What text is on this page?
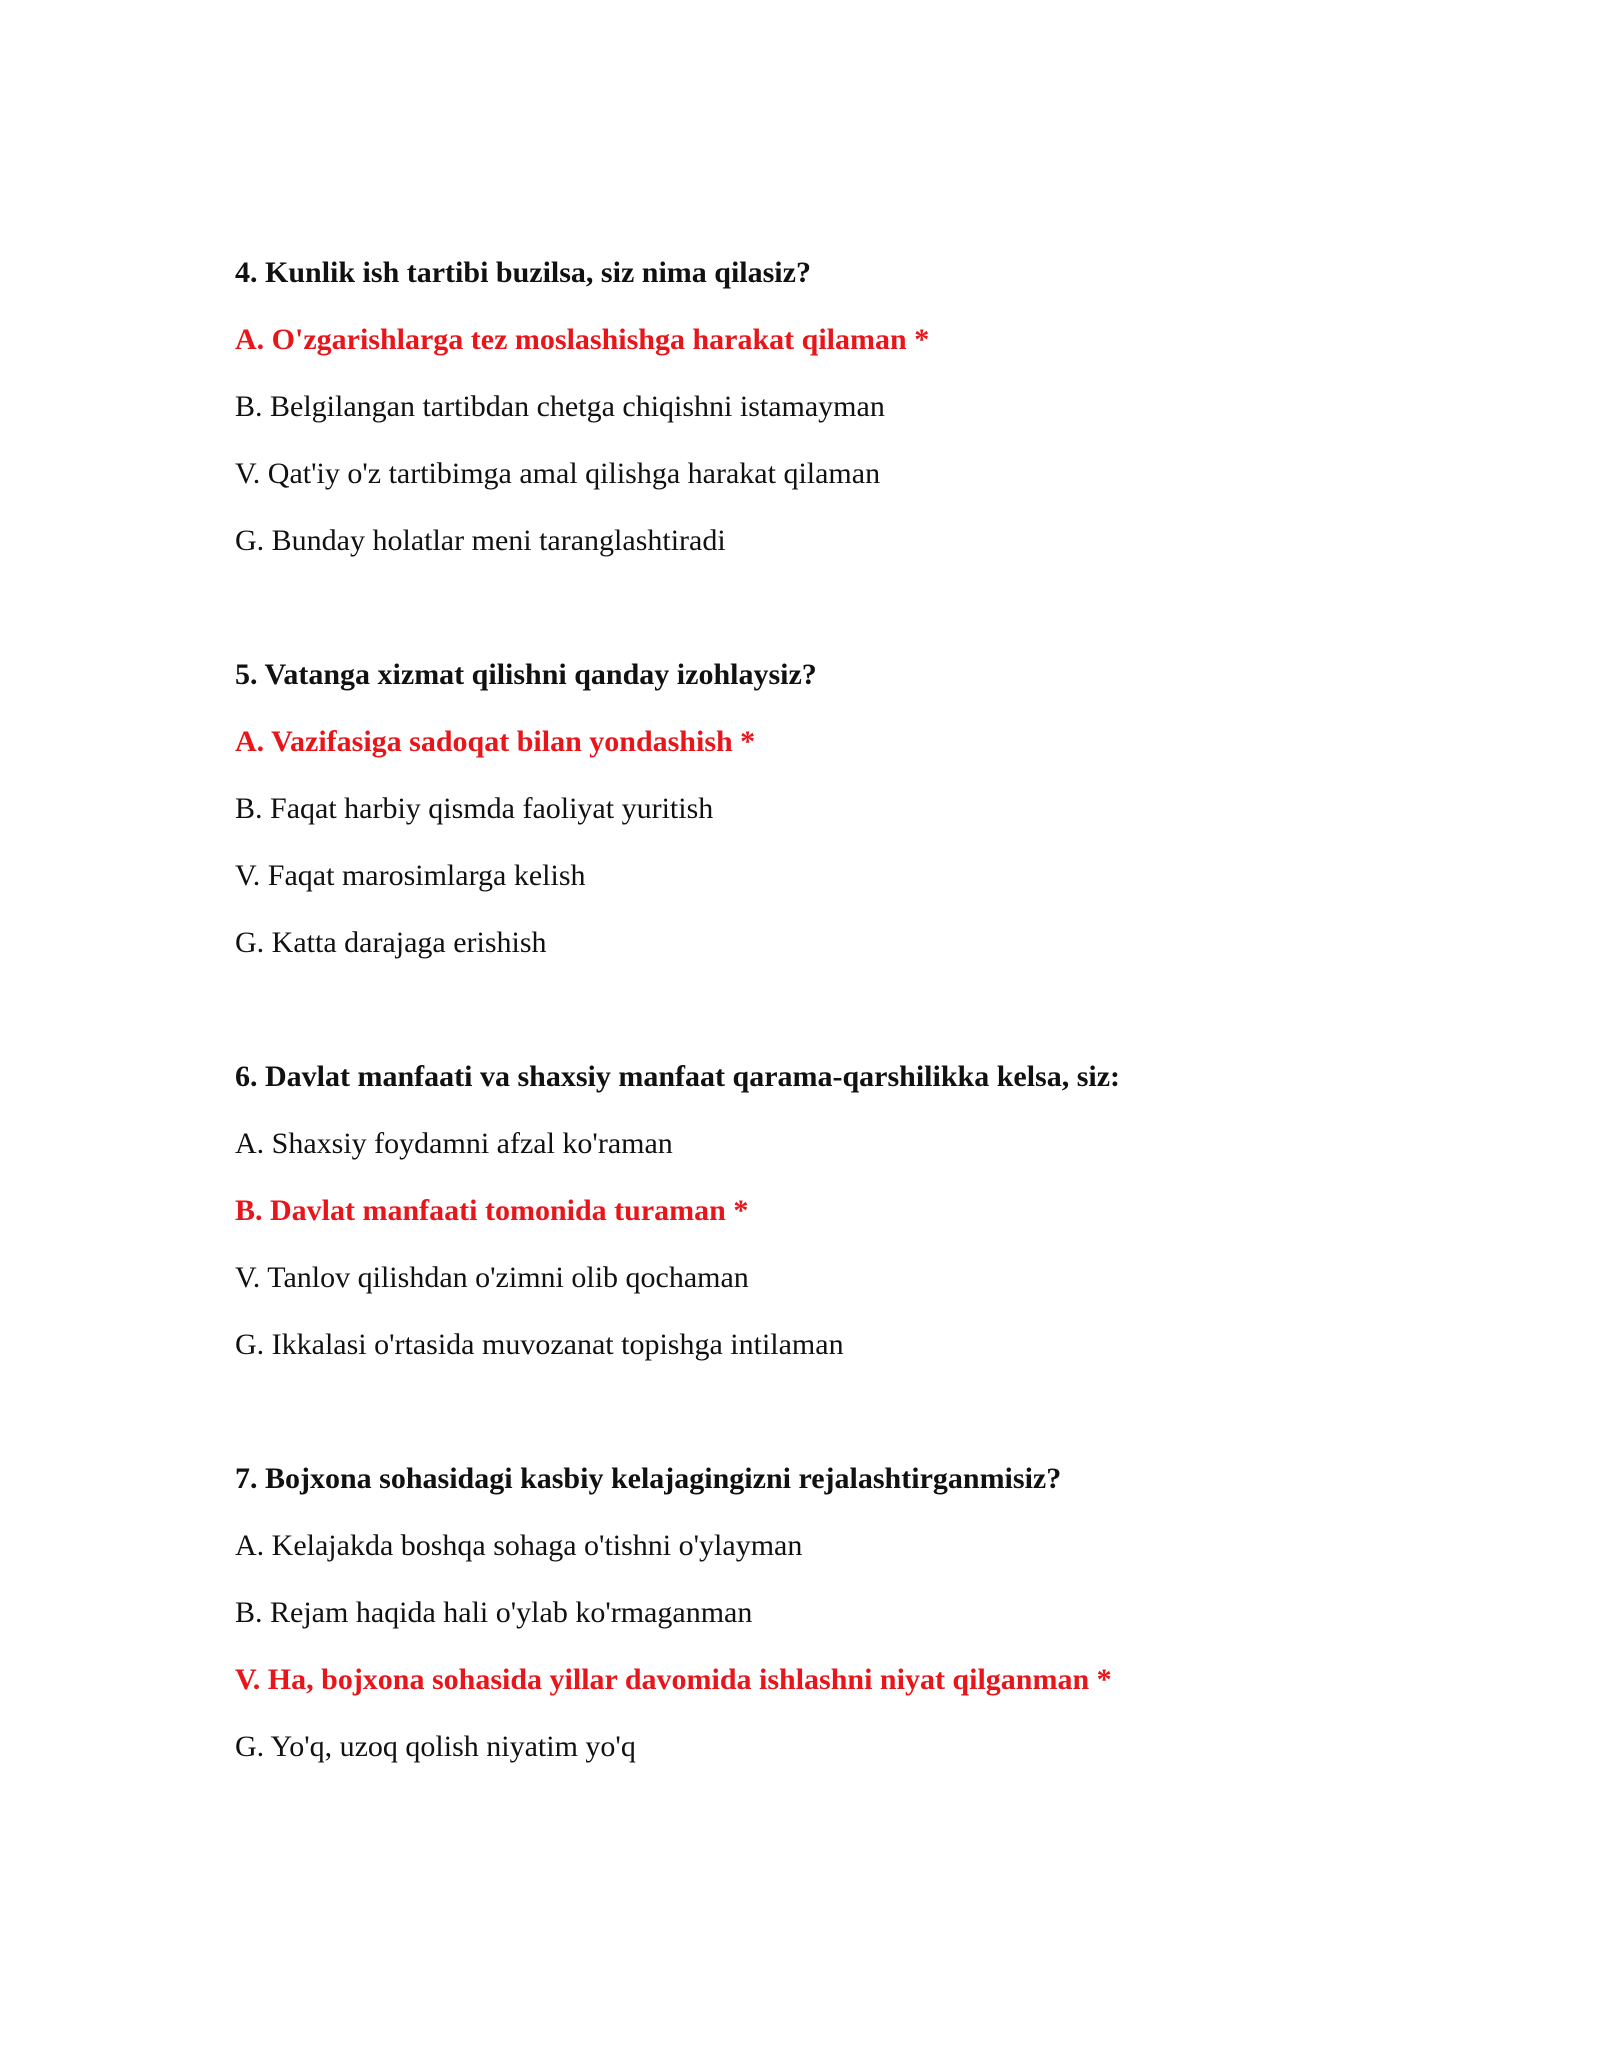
4. Kunlik ish tartibi buzilsa, siz nima qilasiz?
A. O'zgarishlarga tez moslashishga harakat qilaman *
B. Belgilangan tartibdan chetga chiqishni istamayman
V. Qat'iy o'z tartibimga amal qilishga harakat qilaman
G. Bunday holatlar meni taranglashtiradi
5. Vatanga xizmat qilishni qanday izohlaysiz?
A. Vazifasiga sadoqat bilan yondashish *
B. Faqat harbiy qismda faoliyat yuritish
V. Faqat marosimlarga kelish
G. Katta darajaga erishish
6. Davlat manfaati va shaxsiy manfaat qarama-qarshilikka kelsa, siz:
A. Shaxsiy foydamni afzal ko'raman
B. Davlat manfaati tomonida turaman *
V. Tanlov qilishdan o'zimni olib qochaman
G. Ikkalasi o'rtasida muvozanat topishga intilaman
7. Bojxona sohasidagi kasbiy kelajagingizni rejalashtirganmisiz?
A. Kelajakda boshqa sohaga o'tishni o'ylayman
B. Rejam haqida hali o'ylab ko'rmaganman
V. Ha, bojxona sohasida yillar davomida ishlashni niyat qilganman *
G. Yo'q, uzoq qolish niyatim yo'q
